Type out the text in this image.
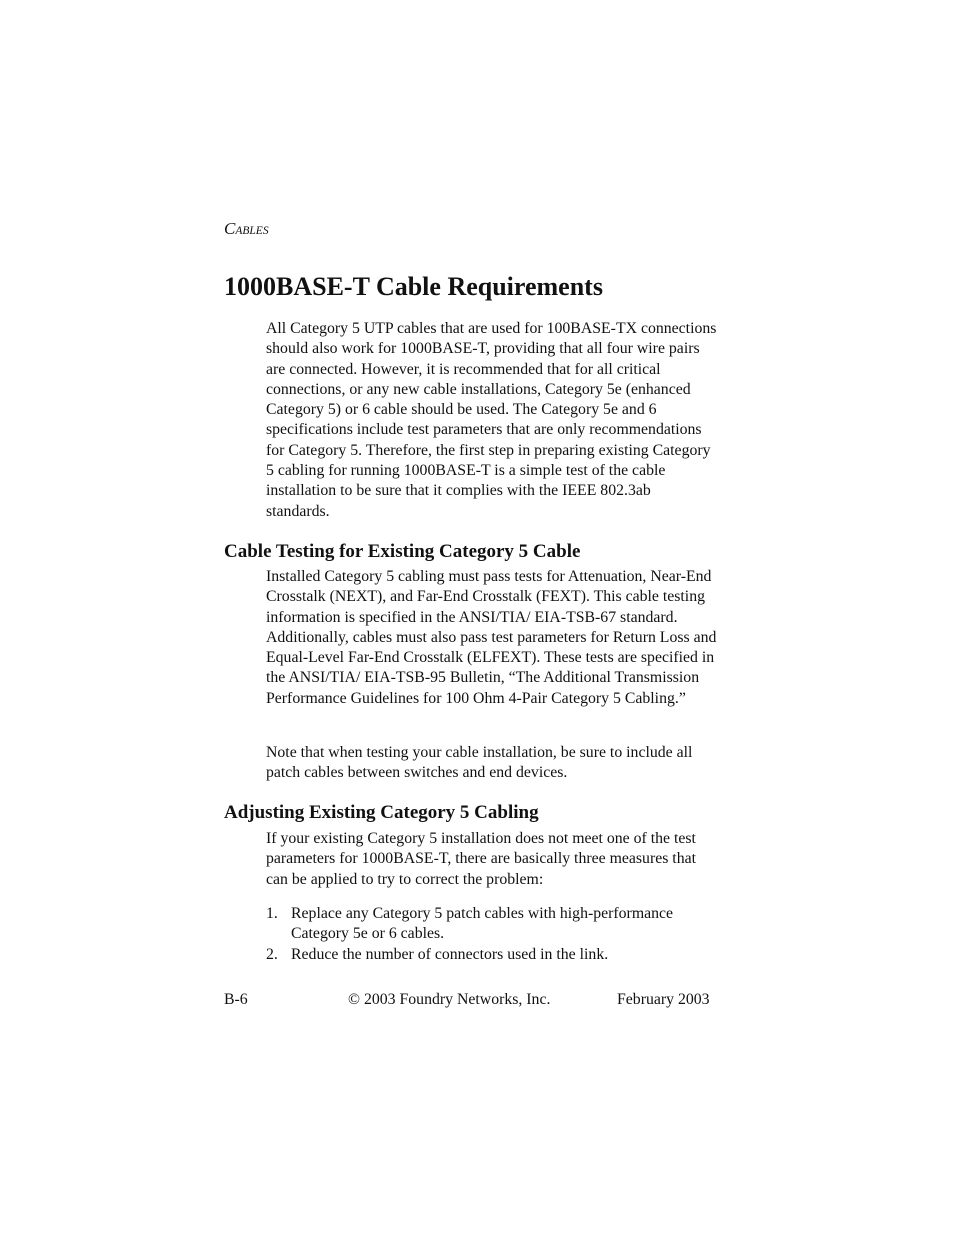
CABLES
1000BASE-T Cable Requirements

All Category 5 UTP cables that are used for 100BASE-TX connections should also work for 1000BASE-T, providing that all four wire pairs are connected. However, it is recommended that for all critical connections, or any new cable installations, Category 5e (enhanced Category 5) or 6 cable should be used. The Category 5e and 6 specifications include test parameters that are only recommendations for Category 5. Therefore, the first step in preparing existing Category 5 cabling for running 1000BASE-T is a simple test of the cable installation to be sure that it complies with the IEEE 802.3ab standards.

Cable Testing for Existing Category 5 Cable

Installed Category 5 cabling must pass tests for Attenuation, Near-End Crosstalk (NEXT), and Far-End Crosstalk (FEXT). This cable testing information is specified in the ANSI/TIA/ EIA-TSB-67 standard. Additionally, cables must also pass test parameters for Return Loss and Equal-Level Far-End Crosstalk (ELFEXT). These tests are specified in the ANSI/TIA/ EIA-TSB-95 Bulletin, “The Additional Transmission Performance Guidelines for 100 Ohm 4-Pair Category 5 Cabling.”

Note that when testing your cable installation, be sure to include all patch cables between switches and end devices.

Adjusting Existing Category 5 Cabling

If your existing Category 5 installation does not meet one of the test parameters for 1000BASE-T, there are basically three measures that can be applied to try to correct the problem:

1. Replace any Category 5 patch cables with high-performance Category 5e or 6 cables.
2. Reduce the number of connectors used in the link.
B-6	© 2003 Foundry Networks, Inc.	February 2003
